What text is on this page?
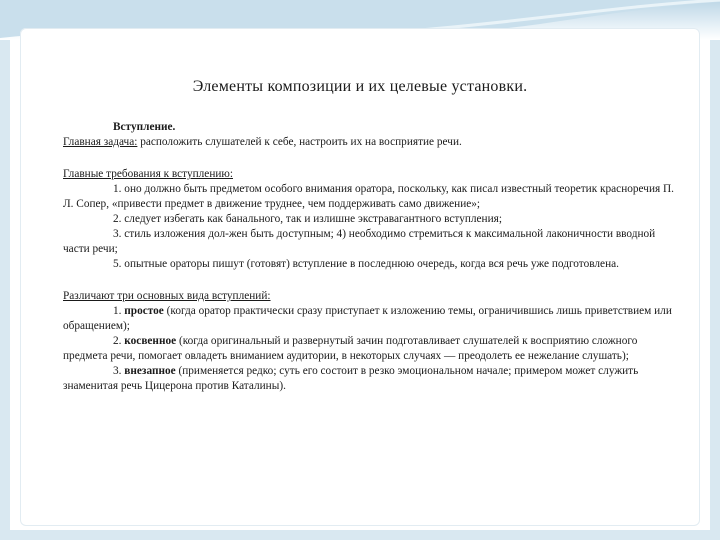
Элементы композиции и их целевые установки.

Вступление.

Главная задача: расположить слушателей к себе, настроить их на восприятие речи.

Главные требования к вступлению:

1. оно должно быть предметом особого внимания оратора, поскольку, как писал известный теоретик красноречия П. Л. Сопер, «привести предмет в движение труднее, чем поддерживать само движение»;

2. следует избегать как банального, так и излишне экстравагантного вступления;

3. стиль изложения дол-жен быть доступным; 4) необходимо стремиться к максимальной лаконичности вводной части речи;

5. опытные ораторы пишут (готовят) вступление в последнюю очередь, когда вся речь уже подготовлена.

Различают три основных вида вступлений:

1. простое (когда оратор практически сразу приступает к изложению темы, ограничившись лишь приветствием или обращением);

2. косвенное (когда оригинальный и развернутый зачин подготавливает слушателей к восприятию сложного предмета речи, помогает овладеть вниманием аудитории, в некоторых случаях — преодолеть ее нежелание слушать);

3. внезапное (применяется редко; суть его состоит в резко эмоциональном начале; примером может служить знаменитая речь Цицерона против Каталины).
